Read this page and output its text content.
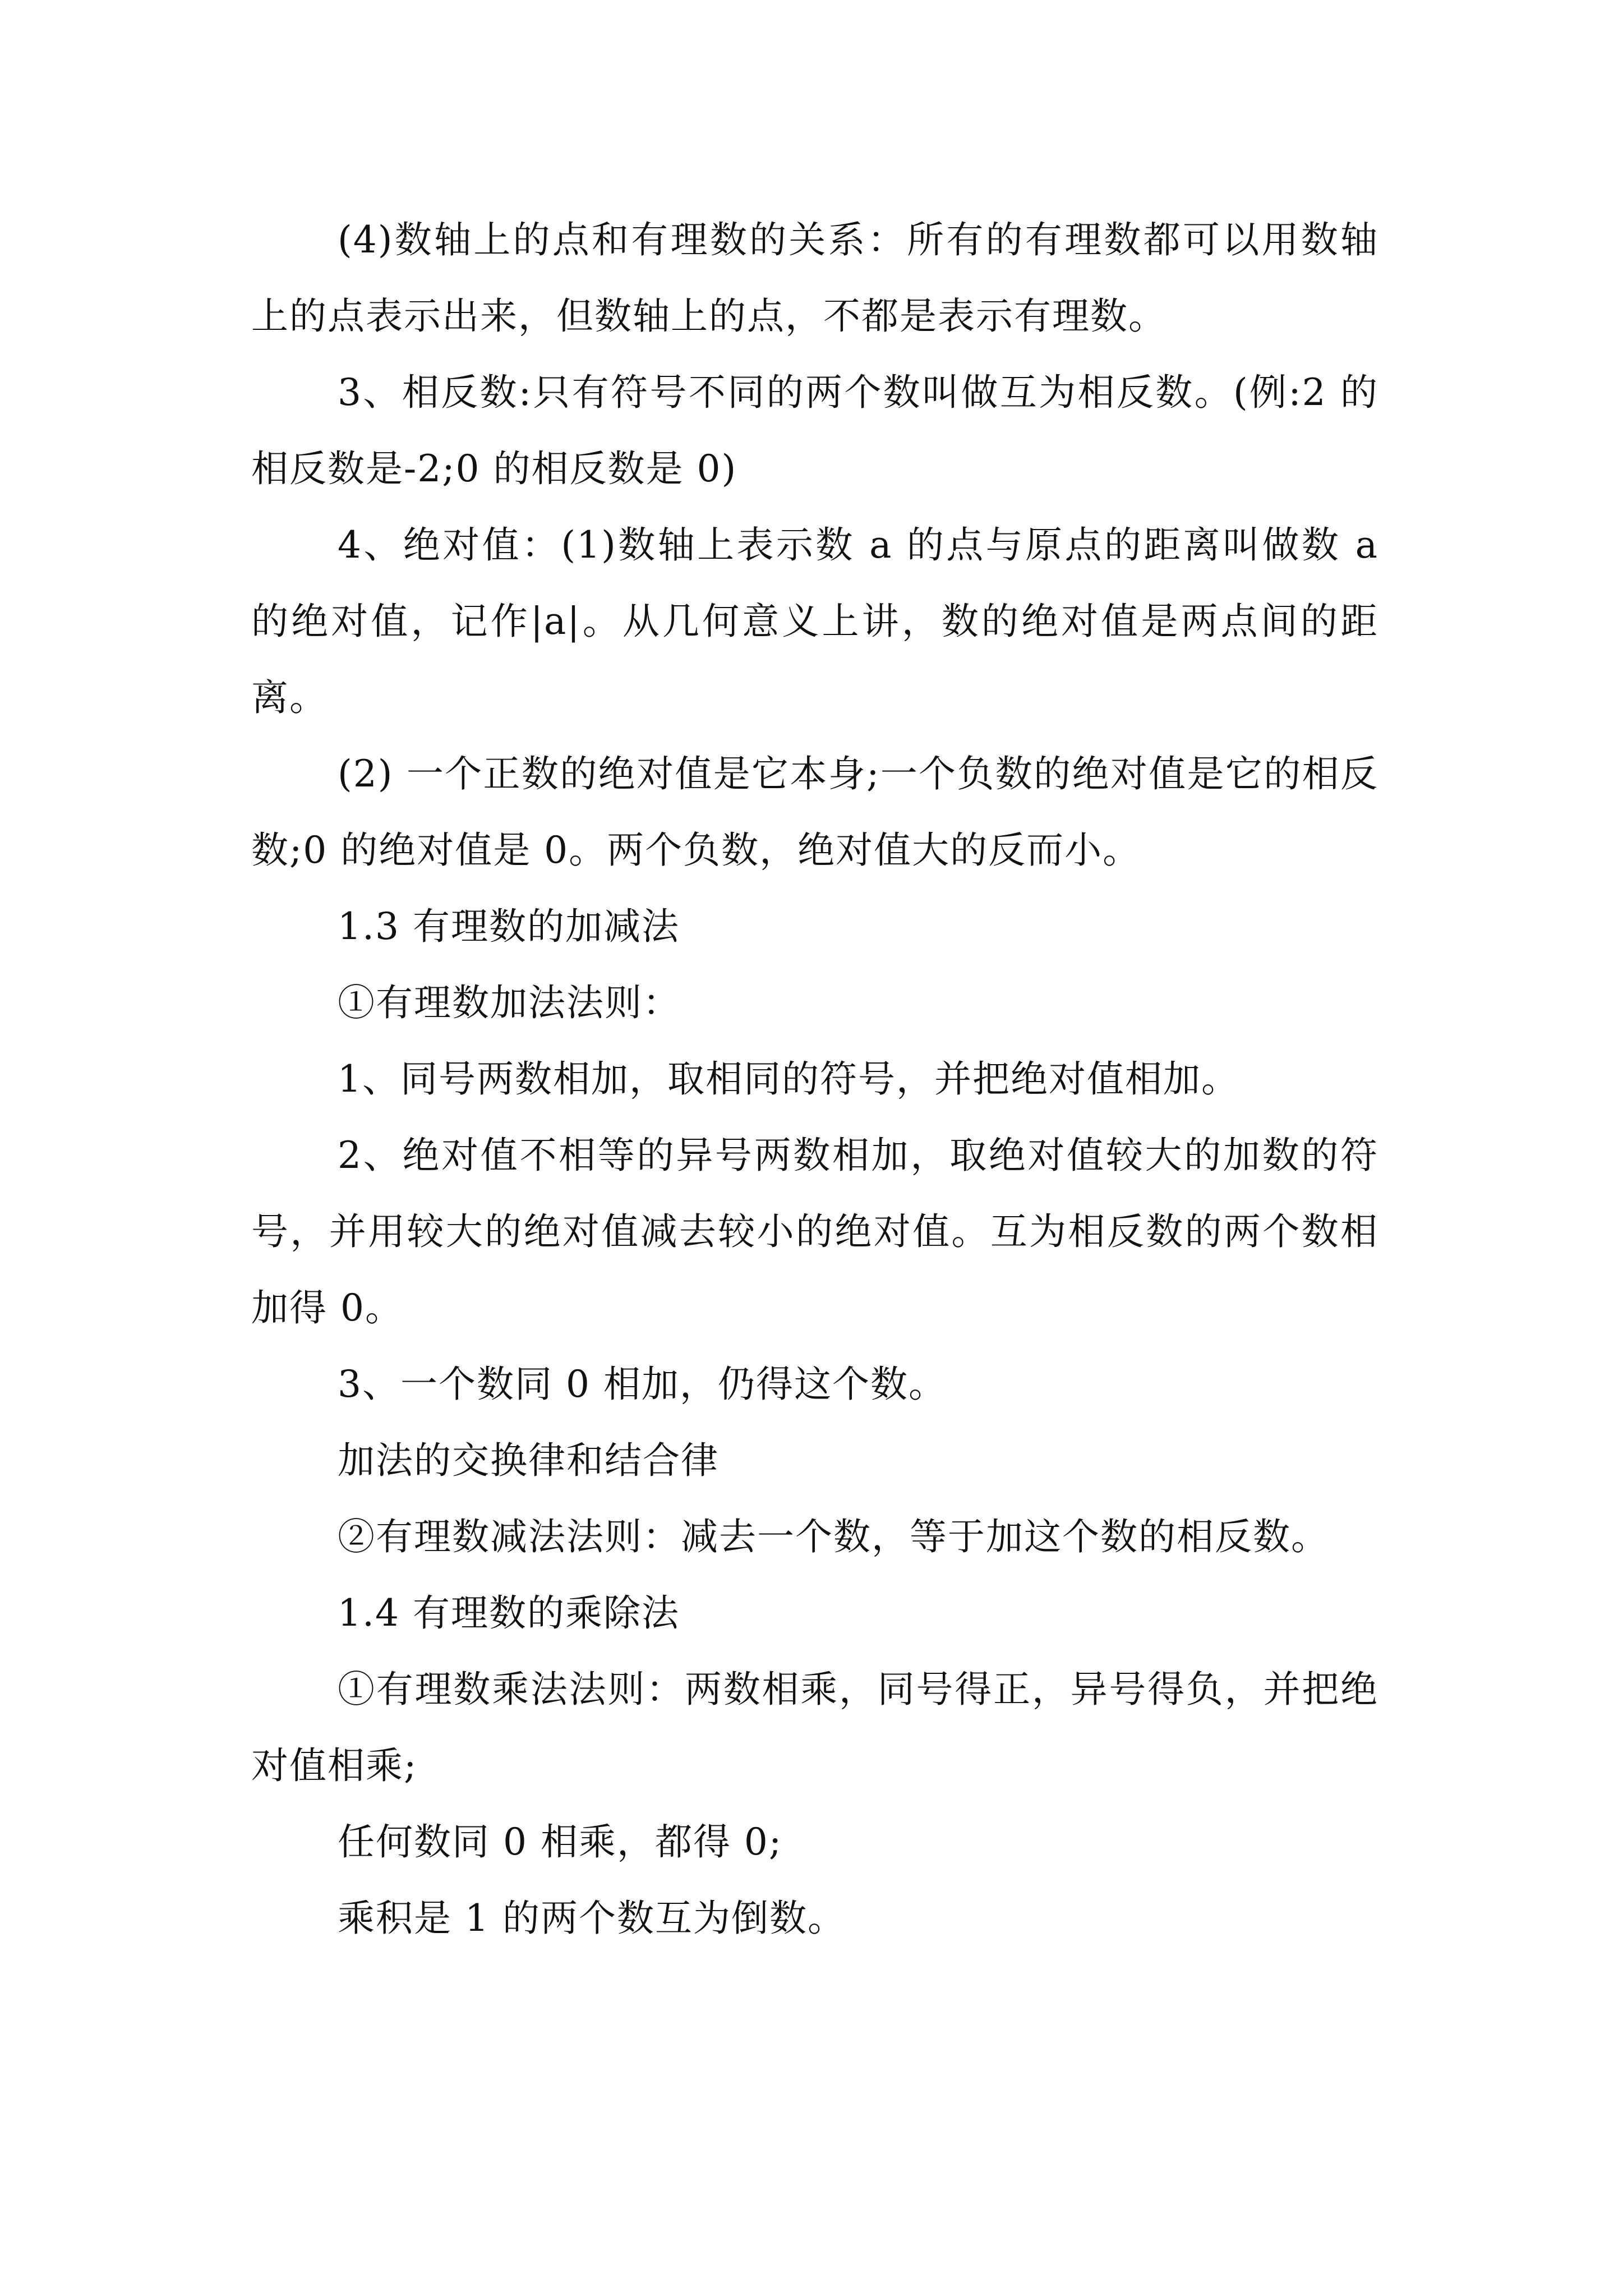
(4)数轴上的点和有理数的关系：所有的有理数都可以用数轴上的点表示出来，但数轴上的点，不都是表示有理数。

3、相反数:只有符号不同的两个数叫做互为相反数。(例:2 的相反数是-2;0 的相反数是 0)

4、绝对值：(1)数轴上表示数 a 的点与原点的距离叫做数 a 的绝对值，记作|a|。从几何意义上讲，数的绝对值是两点间的距离。

(2) 一个正数的绝对值是它本身;一个负数的绝对值是它的相反数;0 的绝对值是 0。两个负数，绝对值大的反而小。

1.3 有理数的加减法

①有理数加法法则：

1、同号两数相加，取相同的符号，并把绝对值相加。

2、绝对值不相等的异号两数相加，取绝对值较大的加数的符号，并用较大的绝对值减去较小的绝对值。互为相反数的两个数相加得 0。

3、一个数同 0 相加，仍得这个数。

加法的交换律和结合律

②有理数减法法则：减去一个数，等于加这个数的相反数。

1.4 有理数的乘除法

①有理数乘法法则：两数相乘，同号得正，异号得负，并把绝对值相乘;

任何数同 0 相乘，都得 0;

乘积是 1 的两个数互为倒数。
